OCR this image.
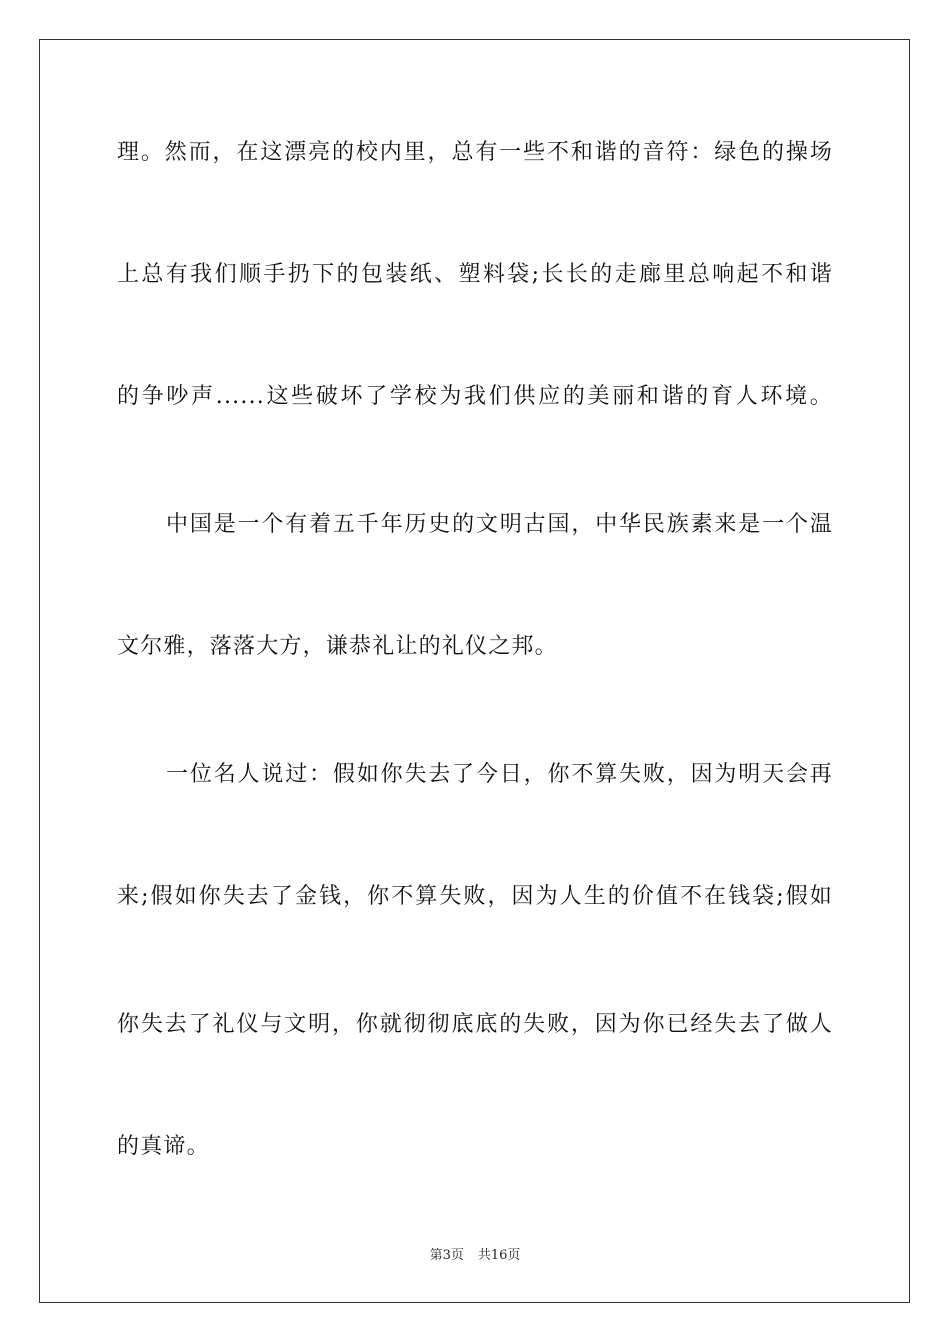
理。然而，在这漂亮的校内里，总有一些不和谐的音符：绿色的操场
上总有我们顺手扔下的包装纸、塑料袋;长长的走廊里总响起不和谐
的争吵声......这些破坏了学校为我们供应的美丽和谐的育人环境。
中国是一个有着五千年历史的文明古国，中华民族素来是一个温
文尔雅，落落大方，谦恭礼让的礼仪之邦。
一位名人说过：假如你失去了今日，你不算失败，因为明天会再
来;假如你失去了金钱，你不算失败，因为人生的价值不在钱袋;假如
你失去了礼仪与文明，你就彻彻底底的失败，因为你已经失去了做人
的真谛。
第3页 共16页
